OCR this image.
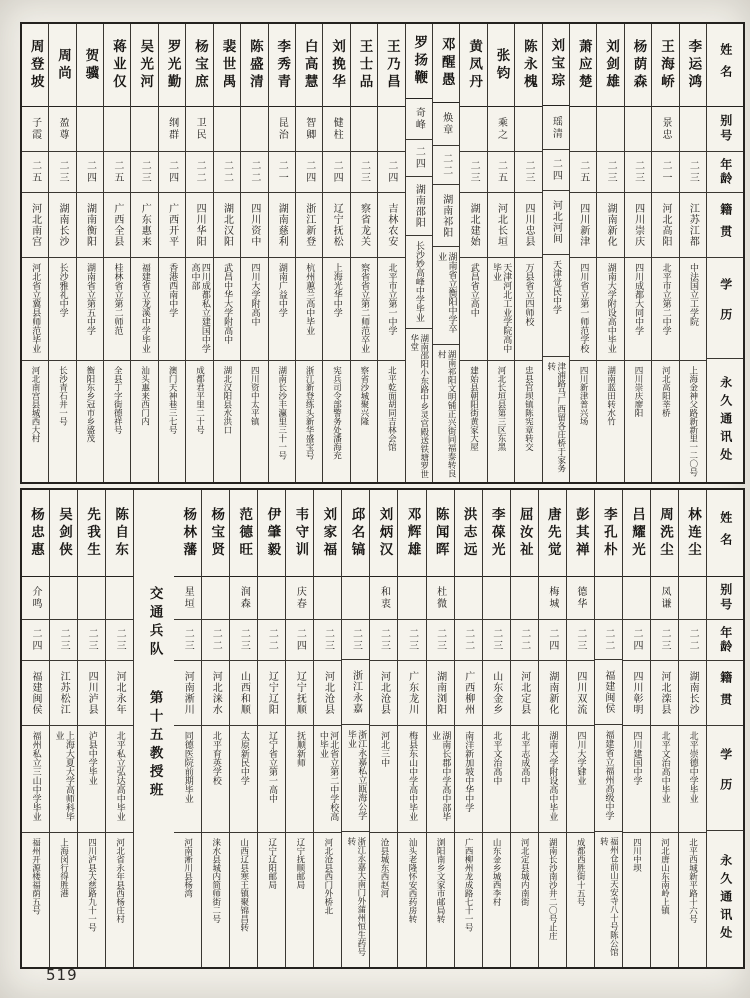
姓名
别号
年龄
籍贯
学历
永久通讯处
李运鸿
二三
江苏江都
中法国立工学院
上海金神父路新新里一二〇号
王海峤
景忠
二一
河北高阳
北平市立第二中学
河北高阳莘桥
杨荫森
二三
四川崇庆
四川成都大同中学
四川崇庆廖阳
刘剑雄
二三
湖南新化
湖南大学附设高中毕业
湖南蓝田转水竹
萧应楚
二五
四川新津
四川省立第一师范学校
四川新津普兴场
刘宝琮
瑶清
二四
河北河间
天津觉民中学
津浦路马厂西留各庄桥于家务转
陈永槐
二三
四川忠县
万县省立四师校
忠县官坝镇陈宪章转交
张钧
乘之
二五
河北长垣
天津河北工业学院高中毕业
河北长垣县第三区东黑
黄凤丹
二三
湖北建始
武昌省立高中
建始县朝阳街黄家大屋
邓醒愚
焕章
二二
湖南祁阳
湖南省立衡阳中学卒业
湖南祁阳文明铺正兴街同福泰转良村
罗扬鞭
奇峰
二四
湖南邵阳
长沙妙高峰中学毕业
湖南邵阳小东路中乡灵官殿送铁塘罗世华堂
王乃昌
二四
吉林农安
北平市立第一中学
北平乾面胡同吉林会馆
王士品
二三
察省龙关
察省省立第二师范卒业
察省沙城聚兴隆
刘挽华
健柱
二四
辽宁抚松
上海光华中学
宪兵司令部警务处潘海充
白高慧
智卿
二四
浙江新登
杭州蕙兰高中毕业
浙江新登练头新华盛宝号
李秀青
昆治
二一
湖南慈利
湖南广益中学
湖南长沙丰瀛里三十一号
陈盛清
二二
四川资中
四川大学附高中
四川资中太平镇
裴世禺
二二
湖北汉阳
武昌中华大学附高中
湖北汉阳县水洪口
杨宝庶
卫民
二二
四川华阳
四川成都私立建国中学高中部
成都君平里二十号
罗光勤
纲群
二四
广西开平
香港西南中学
澳门天神巷三七号
吴光河
二三
广东惠来
福建省立龙溪中学毕业
汕头惠来西门内
蒋业仅
二五
广西全县
桂林省立第二师范
全县丁字街德祥号
贺骥
二四
湖南衡阳
湖南省立第五中学
衡阳东乡冠市乡盛茂
周尚
盈尊
二三
湖南长沙
长沙雅礼中学
长沙青石井一号
周登坡
子霞
二五
河北南宫
河北省立冀县师范毕业
河北南宫县城西大村
姓名
别号
年龄
籍贯
学历
永久通讯处
林连尘
二二
湖南长沙
北平崇德中学毕业
北平西城新平路十六号
周洗尘
凤谦
二三
河北滦县
北平文治高中毕业
河北唐山东南岭上镇
吕耀光
二四
四川彰明
四川建国中学
四川中坝
李孔朴
二二
福建闽侯
福建省立福州高级中学
福州仓前山天安寺八十号陈公馆转
彭其禅
德华
二三
四川双流
四川大学肄业
成都西胜街十五号
唐先觉
梅城
二四
湖南新化
湖南大学附设高中毕业
湖南长沙南沙井二〇号止庄
屈汝祉
二二
河北定县
北平志成高中
河北定县城内南街
李葆光
二三
山东金乡
北平文治高中
山东金乡城西李村
洪志远
二二
广西柳州
南洋新加坡中华中学
广西柳州龙成路七十一号
陈闻晖
杜微
二三
湖南浏阳
湖南长郡中学高中部毕业
浏阳南乡文家市邮局转
邓辉雄
二三
广东龙川
梅县东山中学高中毕业
汕头老隆怀安西药房转
刘炳汉
和衷
二三
河北沧县
河北三中
沧县城东西赵河
邱名镐
二三
浙江永嘉
浙江永嘉私立瓯海公学毕业
浙江永嘉大南门外蒲州恒生药号转
刘家福
二三
河北沧县
河北省立第二中学校高中毕业
河北沧县西门外桥北
韦守训
庆春
二四
辽宁抚顺
抚顺新师
辽宁抚顺邮局
伊肇毅
二二
辽宁辽阳
辽宁省立第一高中
辽宁辽阳邮局
范德旺
润森
二三
山西和顺
太原新民中学
山西辽县寒王镇聚锦昌转
杨宝贤
二二
河北涞水
北平育英学校
涞水县城内简师街二号
杨林藩
星垣
二三
河南淅川
同德医院前期毕业
河南淅川县杨湾
交通兵队
第十五教授班
陈自东
二三
河北永年
北平私立弘达高中毕业
河北省永年县西杨庄村
先我生
二三
四川泸县
泸县中学毕业
四川泸县大慈路九十一号
吴剑侠
二三
江苏松江
上海大夏大学高师科毕业
上海闵行得胜港
杨忠惠
介鸣
二四
福建闽侯
福州私立三山中学毕业
福州开源楼福荫五号
519
